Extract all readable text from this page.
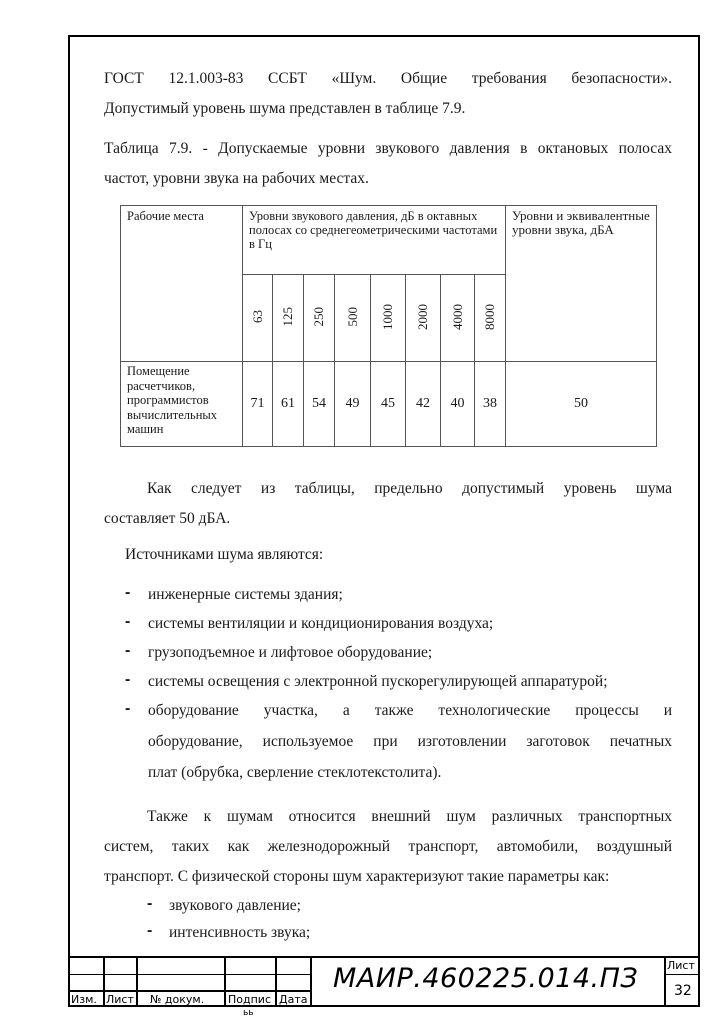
ГОСТ 12.1.003-83 ССБТ «Шум. Общие требования безопасности».

Допустимый уровень шума представлен в таблице 7.9.

Таблица 7.9. - Допускаемые уровни звукового давления в октановых полосах

частот, уровни звука на рабочих местах.

Рабочие места	Уровни звукового давления, дБ в октавных полосах со среднегеометрическими частотами в Гц								Уровни и эквивалентные уровни звука, дБА
	63	125	250	500	1000	2000	4000	8000	
Помещение расчетчиков, программистов вычислительных машин	71	61	54	49	45	42	40	38	50

Как следует из таблицы, предельно допустимый уровень шума

составляет 50 дБА.

Источниками шума являются:

- инженерные системы здания;

- системы вентиляции и кондиционирования воздуха;

- грузоподъемное и лифтовое оборудование;

- системы освещения с электронной пускорегулирующей аппаратурой;

- оборудование участка, а также технологические процессы и

оборудование, используемое при изготовлении заготовок печатных

плат (обрубка, сверление стеклотекстолита).

Также к шумам относится внешний шум различных транспортных

систем, таких как железнодорожный транспорт, автомобили, воздушный

транспорт. С физической стороны шум характеризуют такие параметры как:

- звукового давление;

- интенсивность звука;

Изм. Лист № докум. Подпис
ьь
Дата
МАИР.460225.014.ПЗ	Лист
32
